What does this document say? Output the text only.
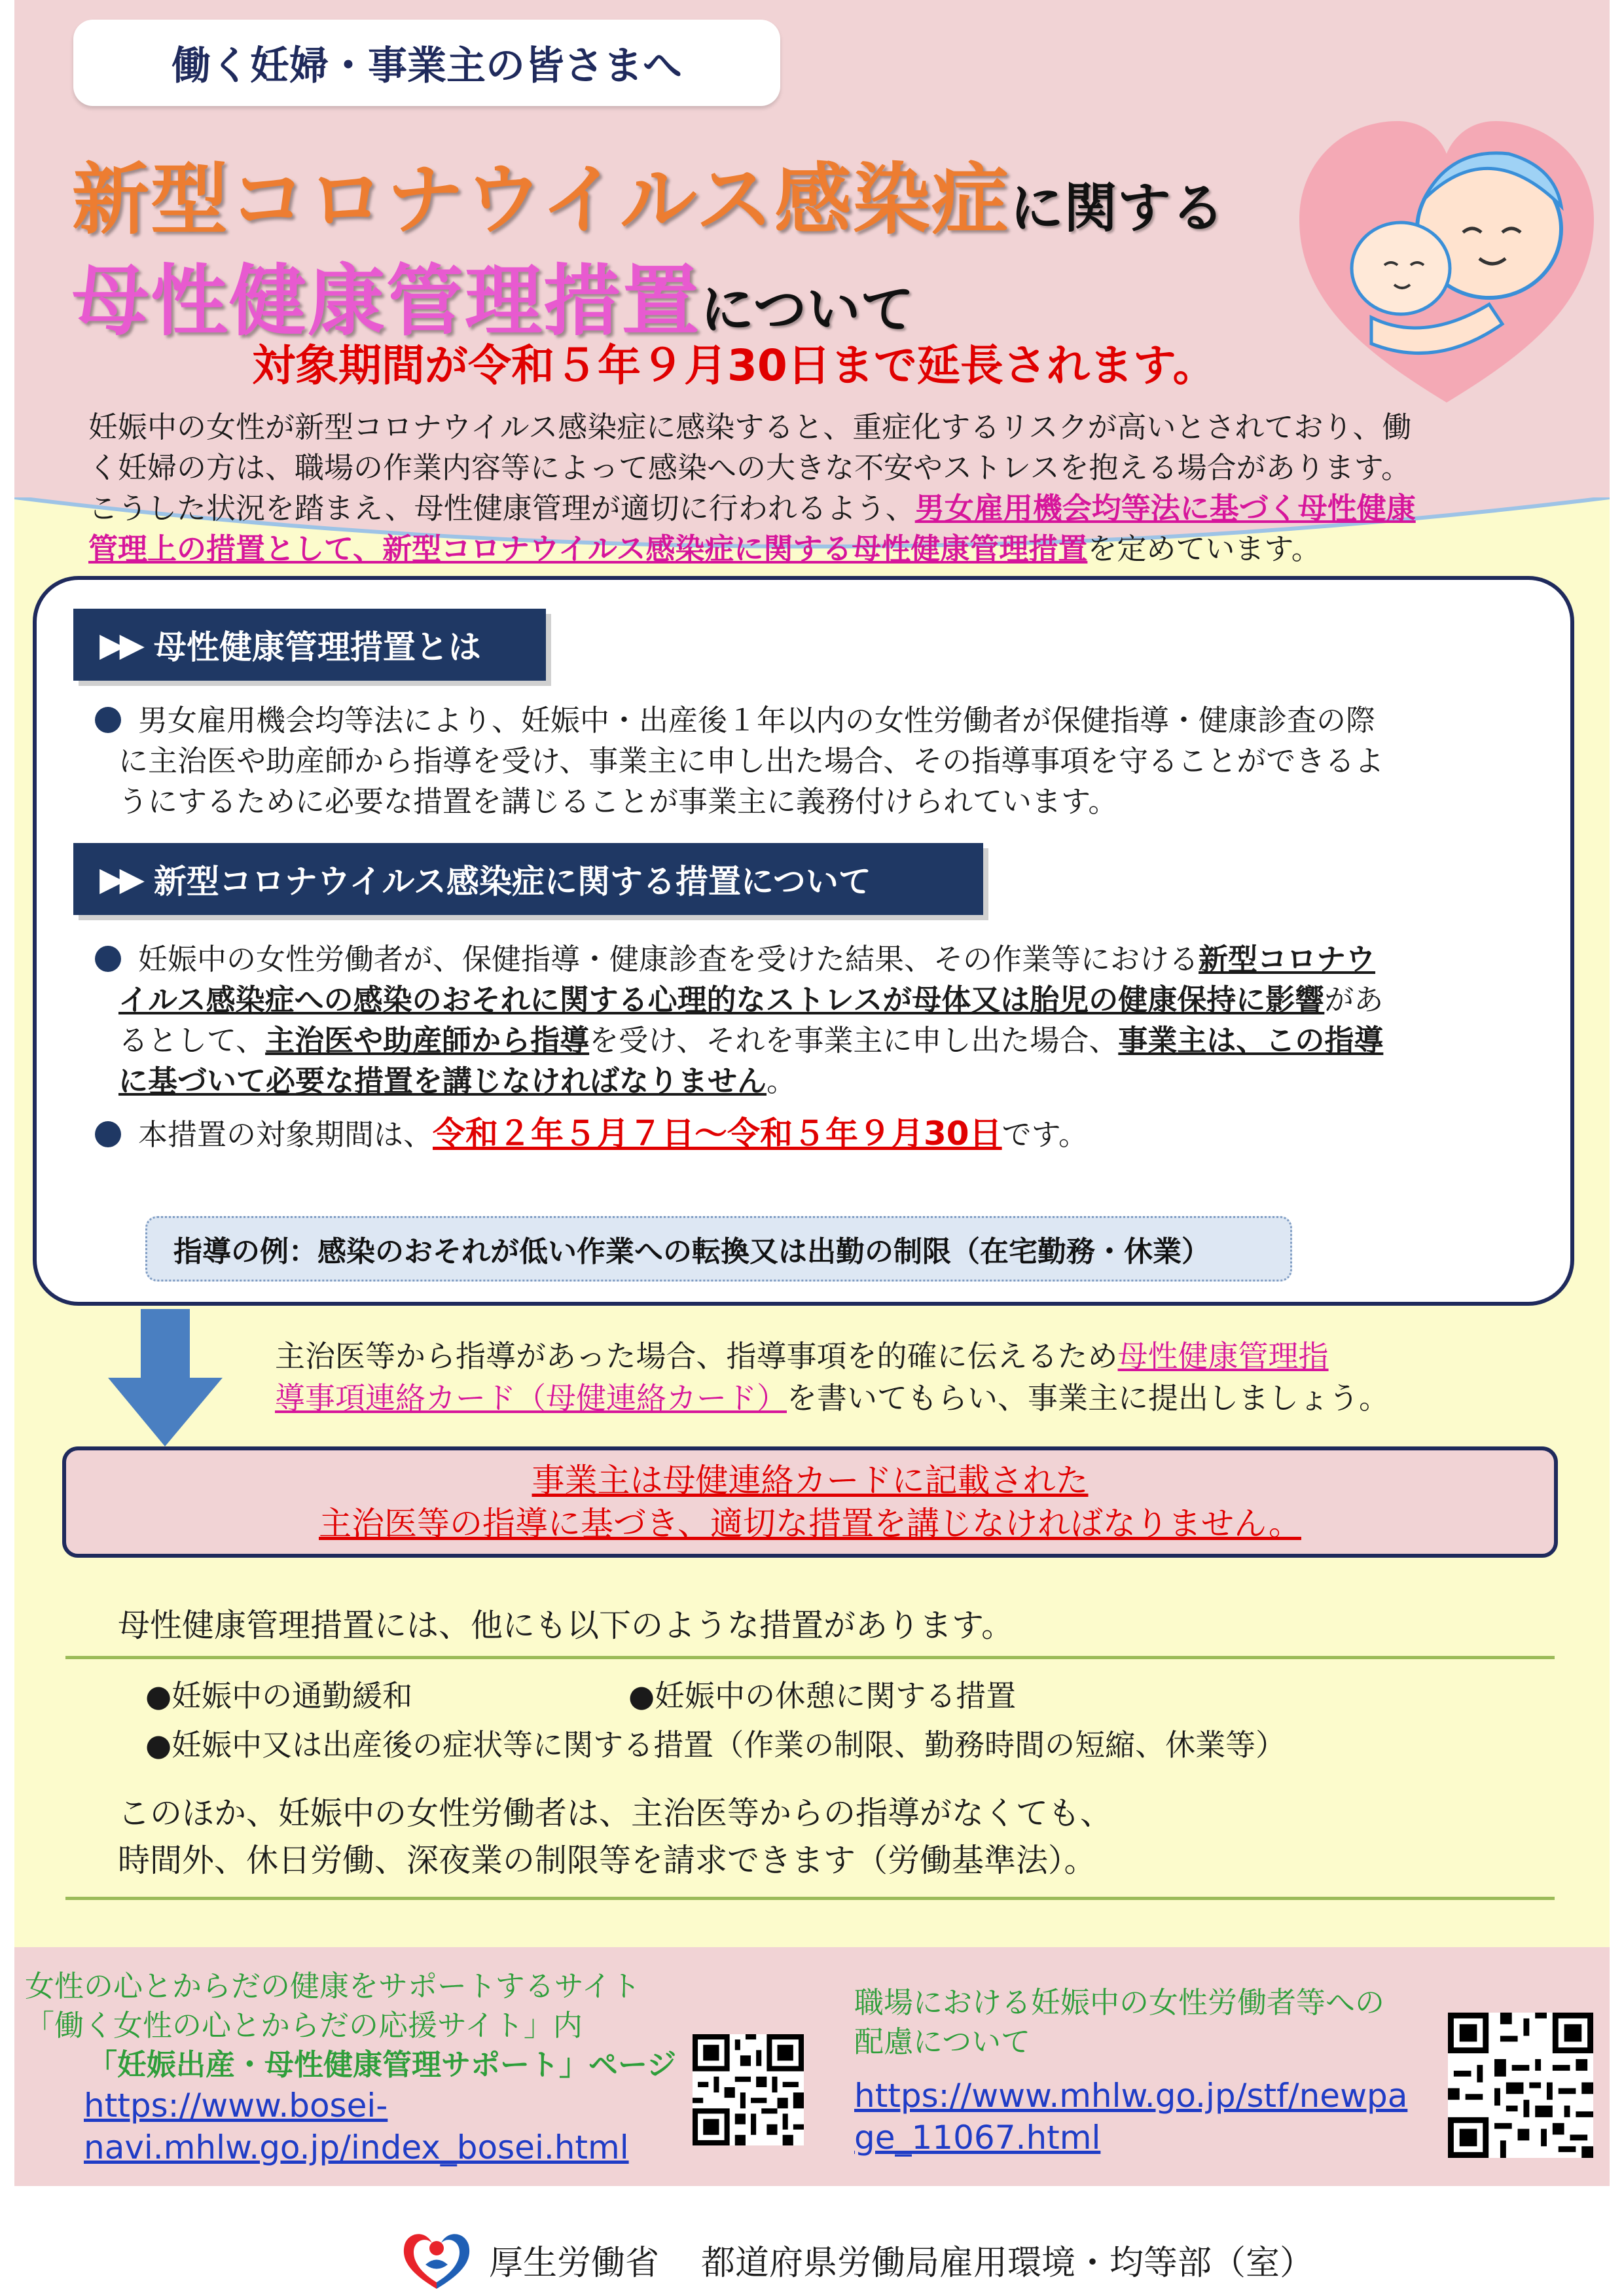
働く妊婦・事業主の皆さまへ
新型コロナウイルス感染症に関する
母性健康管理措置について
対象期間が令和５年９月30日まで延長されます。
妊娠中の女性が新型コロナウイルス感染症に感染すると、重症化するリスクが高いとされており、働
く妊婦の方は、職場の作業内容等によって感染への大きな不安やストレスを抱える場合があります。
こうした状況を踏まえ、母性健康管理が適切に行われるよう、男女雇用機会均等法に基づく母性健康
管理上の措置として、新型コロナウイルス感染症に関する母性健康管理措置を定めています。
▶▶ 母性健康管理措置とは
男女雇用機会均等法により、妊娠中・出産後１年以内の女性労働者が保健指導・健康診査の際
に主治医や助産師から指導を受け、事業主に申し出た場合、その指導事項を守ることができるよ
うにするために必要な措置を講じることが事業主に義務付けられています。
▶▶ 新型コロナウイルス感染症に関する措置について
妊娠中の女性労働者が、保健指導・健康診査を受けた結果、その作業等における新型コロナウ
イルス感染症への感染のおそれに関する心理的なストレスが母体又は胎児の健康保持に影響があ
るとして、主治医や助産師から指導を受け、それを事業主に申し出た場合、事業主は、この指導
に基づいて必要な措置を講じなければなりません。
本措置の対象期間は、令和２年５月７日～令和５年９月30日です。
指導の例：感染のおそれが低い作業への転換又は出勤の制限（在宅勤務・休業）
主治医等から指導があった場合、指導事項を的確に伝えるため母性健康管理指
導事項連絡カード（母健連絡カード）を書いてもらい、事業主に提出しましょう。
事業主は母健連絡カードに記載された
主治医等の指導に基づき、適切な措置を講じなければなりません。
母性健康管理措置には、他にも以下のような措置があります。
●妊娠中の通勤緩和	●妊娠中の休憩に関する措置
●妊娠中又は出産後の症状等に関する措置（作業の制限、勤務時間の短縮、休業等）
このほか、妊娠中の女性労働者は、主治医等からの指導がなくても、
時間外、休日労働、深夜業の制限等を請求できます（労働基準法）。
女性の心とからだの健康をサポートするサイト
「働く女性の心とからだの応援サイト」内
「妊娠出産・母性健康管理サポート」ページ
https://www.bosei-
navi.mhlw.go.jp/index_bosei.html
職場における妊娠中の女性労働者等への
配慮について
https://www.mhlw.go.jp/stf/newpa
ge_11067.html
厚生労働省 都道府県労働局雇用環境・均等部（室）
